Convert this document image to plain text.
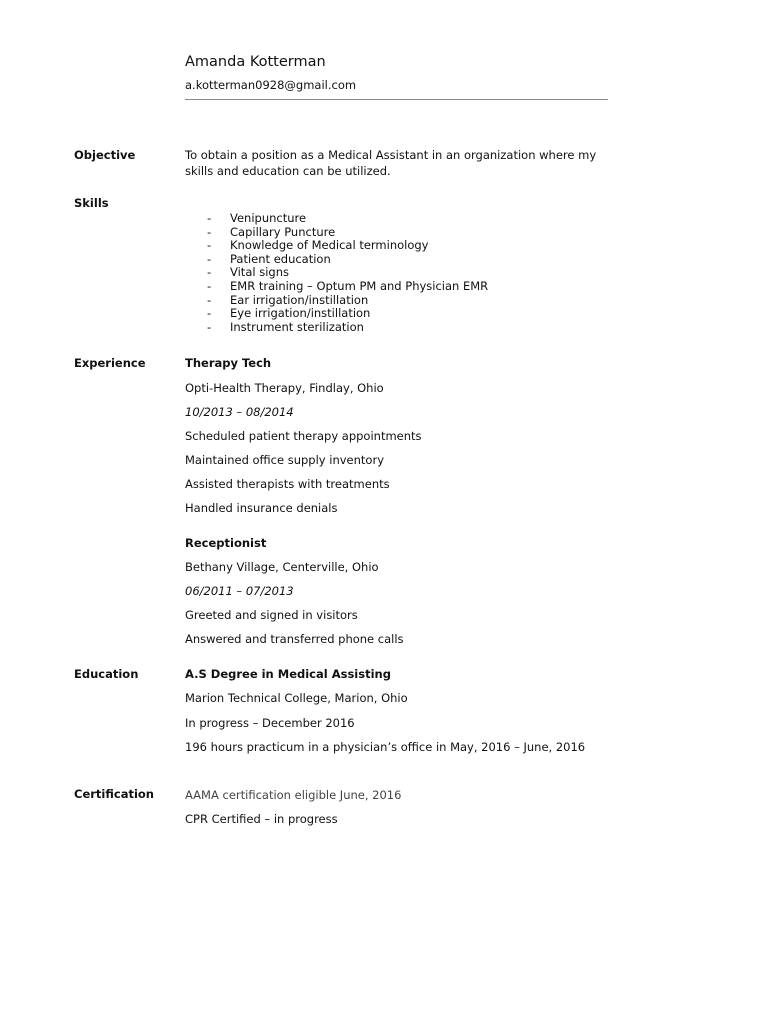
Amanda Kotterman
a.kotterman0928@gmail.com
Objective	To obtain a position as a Medical Assistant in an organization where my skills and education can be utilized.
Skills
- Venipuncture
- Capillary Puncture
- Knowledge of Medical terminology
- Patient education
- Vital signs
- EMR training – Optum PM and Physician EMR
- Ear irrigation/instillation
- Eye irrigation/instillation
- Instrument sterilization
Experience	Therapy Tech
Opti-Health Therapy, Findlay, Ohio
10/2013 – 08/2014
Scheduled patient therapy appointments
Maintained office supply inventory
Assisted therapists with treatments
Handled insurance denials
Receptionist
Bethany Village, Centerville, Ohio
06/2011 – 07/2013
Greeted and signed in visitors
Answered and transferred phone calls
Education	A.S Degree in Medical Assisting
Marion Technical College, Marion, Ohio
In progress – December 2016
196 hours practicum in a physician’s office in May, 2016 – June, 2016
Certification	AAMA certification eligible June, 2016
CPR Certified – in progress
